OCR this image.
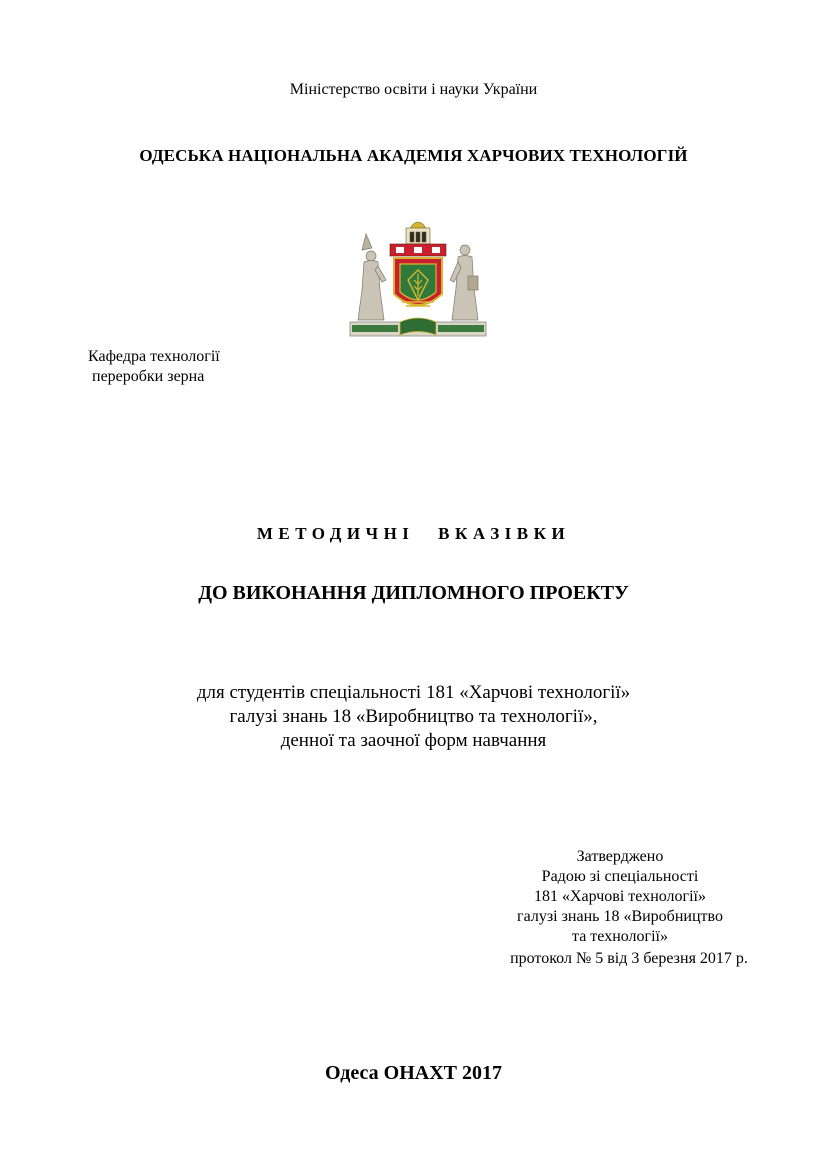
Міністерство освіти і науки України
ОДЕСЬКА НАЦІОНАЛЬНА АКАДЕМІЯ ХАРЧОВИХ ТЕХНОЛОГІЙ
Кафедра технології
переробки зерна
МЕТОДИЧНІ ВКАЗІВКИ
ДО ВИКОНАННЯ ДИПЛОМНОГО ПРОЕКТУ
для студентів спеціальності 181 «Харчові технології»
галузі знань 18 «Виробництво та технології»,
денної та заочної форм навчання
Затверджено
Радою зі спеціальності
181 «Харчові технології»
галузі знань 18 «Виробництво
та технології»
протокол № 5 від 3 березня 2017 р.
Одеса ОНАХТ 2017
